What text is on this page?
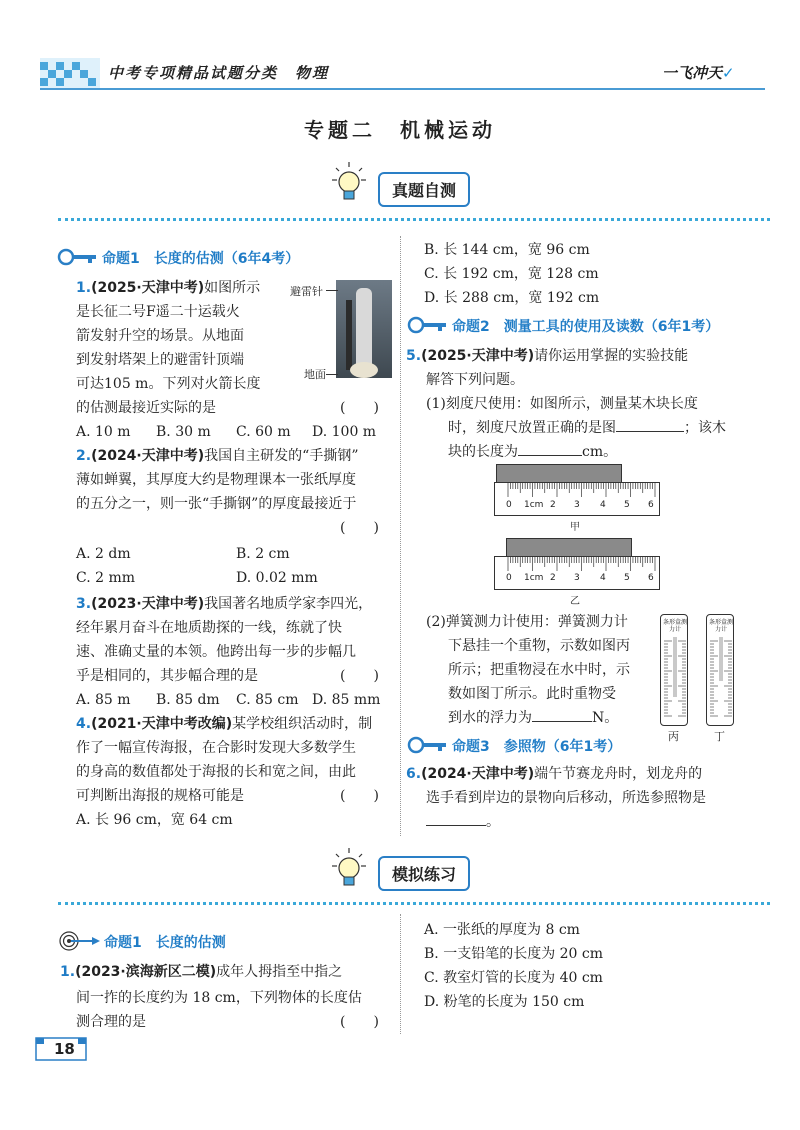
中考专项精品试题分类　物理	一飞冲天✓
专题二　机械运动
真题自测
命题1　长度的估测（6年4考）
1.(2025·天津中考)如图所示
是长征二号F遥二十运载火
箭发射升空的场景。从地面
到发射塔架上的避雷针顶端
可达105 m。下列对火箭长度
的估测最接近实际的是	(　　)
A. 10 m B. 30 m C. 60 m D. 100 m
避雷针
地面
2.(2024·天津中考)我国自主研发的“手撕钢”
薄如蝉翼，其厚度大约是物理课本一张纸厚度
的五分之一，则一张“手撕钢”的厚度最接近于
(　　)
A. 2 dm	B. 2 cm
C. 2 mm	D. 0.02 mm
3.(2023·天津中考)我国著名地质学家李四光，
经年累月奋斗在地质勘探的一线，练就了快
速、准确丈量的本领。他跨出每一步的步幅几
乎是相同的，其步幅合理的是	(　　)
A. 85 m B. 85 dm C. 85 cm D. 85 mm
4.(2021·天津中考改编)某学校组织活动时，制
作了一幅宣传海报，在合影时发现大多数学生
的身高的数值都处于海报的长和宽之间，由此
可判断出海报的规格可能是	(　　)
A. 长 96 cm，宽 64 cm
B. 长 144 cm，宽 96 cm
C. 长 192 cm，宽 128 cm
D. 长 288 cm，宽 192 cm
命题2　测量工具的使用及读数（6年1考）
5.(2025·天津中考)请你运用掌握的实验技能
解答下列问题。
(1)刻度尺使用：如图所示，测量某木块长度
时，刻度尺放置正确的是图	；该木
块的长度为	cm。
0 1cm 2 3 4 5 6
甲
0 1cm 2 3 4 5 6
乙
(2)弹簧测力计使用：弹簧测力计
下悬挂一个重物，示数如图丙
所示；把重物浸在水中时，示
数如图丁所示。此时重物受
到水的浮力为	N。
条形盒测力计
丙
条形盒测力计
丁
命题3　参照物（6年1考）
6.(2024·天津中考)端午节赛龙舟时，划龙舟的
选手看到岸边的景物向后移动，所选参照物是
。
模拟练习
命题1　长度的估测
1.(2023·滨海新区二模)成年人拇指至中指之
间一拃的长度约为 18 cm，下列物体的长度估
测合理的是	(　　)
A. 一张纸的厚度为 8 cm
B. 一支铅笔的长度为 20 cm
C. 教室灯管的长度为 40 cm
D. 粉笔的长度为 150 cm
18
